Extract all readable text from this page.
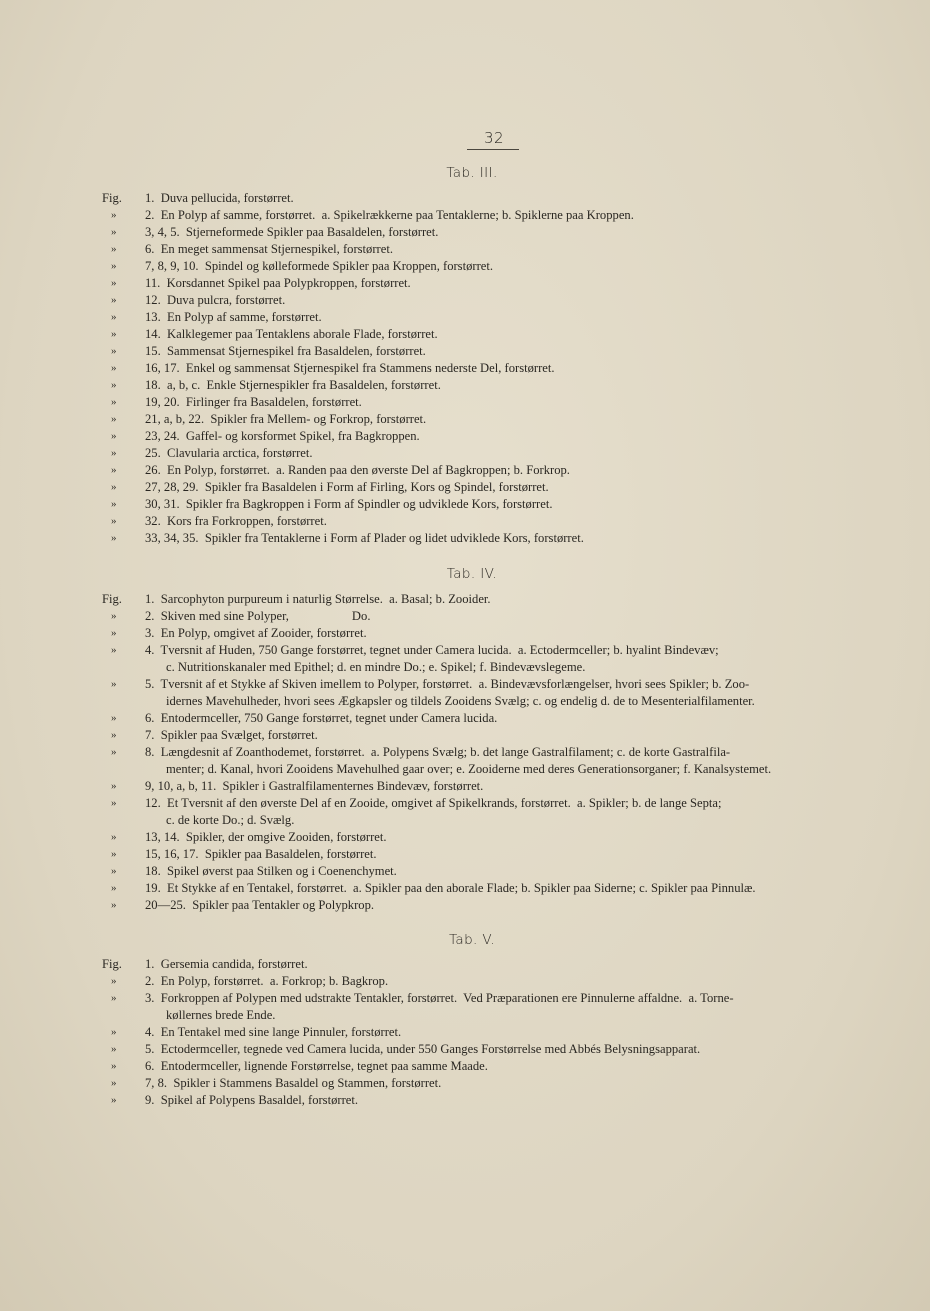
32
Tab. III.
Fig. 1.  Duva pellucida, forstørret.
» 2.  En Polyp af samme, forstørret.  a. Spikelrækkerne paa Tentaklerne; b. Spiklerne paa Kroppen.
» 3, 4, 5.  Stjerneformede Spikler paa Basaldelen, forstørret.
» 6.  En meget sammensat Stjernespikel, forstørret.
» 7, 8, 9, 10.  Spindel og kølleformede Spikler paa Kroppen, forstørret.
» 11.  Korsdannet Spikel paa Polypkroppen, forstørret.
» 12.  Duva pulcra, forstørret.
» 13.  En Polyp af samme, forstørret.
» 14.  Kalklegemer paa Tentaklens aborale Flade, forstørret.
» 15.  Sammensat Stjernespikel fra Basaldelen, forstørret.
» 16, 17.  Enkel og sammensat Stjernespikel fra Stammens nederste Del, forstørret.
» 18.  a, b, c.  Enkle Stjernespikler fra Basaldelen, forstørret.
» 19, 20.  Firlinger fra Basaldelen, forstørret.
» 21, a, b, 22.  Spikler fra Mellem- og Forkrop, forstørret.
» 23, 24.  Gaffel- og korsformet Spikel, fra Bagkroppen.
» 25.  Clavularia arctica, forstørret.
» 26.  En Polyp, forstørret.  a. Randen paa den øverste Del af Bagkroppen; b. Forkrop.
» 27, 28, 29.  Spikler fra Basaldelen i Form af Firling, Kors og Spindel, forstørret.
» 30, 31.  Spikler fra Bagkroppen i Form af Spindler og udviklede Kors, forstørret.
» 32.  Kors fra Forkroppen, forstørret.
» 33, 34, 35.  Spikler fra Tentaklerne i Form af Plader og lidet udviklede Kors, forstørret.
Tab. IV.
Fig. 1.  Sarcophyton purpureum i naturlig Størrelse.  a. Basal; b. Zooider.
» 2.  Skiven med sine Polyper,                    Do.
» 3.  En Polyp, omgivet af Zooider, forstørret.
» 4.  Tversnit af Huden, 750 Gange forstørret, tegnet under Camera lucida.  a. Ectodermceller; b. hyalint Bindevæv;
c. Nutritionskanaler med Epithel; d. en mindre Do.; e. Spikel; f. Bindevævslegeme.
» 5.  Tversnit af et Stykke af Skiven imellem to Polyper, forstørret.  a. Bindevævsforlængelser, hvori sees Spikler; b. Zoo-
idernes Mavehulheder, hvori sees Ægkapsler og tildels Zooidens Svælg; c. og endelig d. de to Mesenterialfilamenter.
» 6.  Entodermceller, 750 Gange forstørret, tegnet under Camera lucida.
» 7.  Spikler paa Svælget, forstørret.
» 8.  Længdesnit af Zoanthodemet, forstørret.  a. Polypens Svælg; b. det lange Gastralfilament; c. de korte Gastralfila-
menter; d. Kanal, hvori Zooidens Mavehulhed gaar over; e. Zooiderne med deres Generationsorganer; f. Kanalsystemet.
» 9, 10, a, b, 11.  Spikler i Gastralfilamenternes Bindevæv, forstørret.
» 12.  Et Tversnit af den øverste Del af en Zooide, omgivet af Spikelkrands, forstørret.  a. Spikler; b. de lange Septa;
c. de korte Do.; d. Svælg.
» 13, 14.  Spikler, der omgive Zooiden, forstørret.
» 15, 16, 17.  Spikler paa Basaldelen, forstørret.
» 18.  Spikel øverst paa Stilken og i Coenenchymet.
» 19.  Et Stykke af en Tentakel, forstørret.  a. Spikler paa den aborale Flade; b. Spikler paa Siderne; c. Spikler paa Pinnulæ.
» 20—25.  Spikler paa Tentakler og Polypkrop.
Tab. V.
Fig. 1.  Gersemia candida, forstørret.
» 2.  En Polyp, forstørret.  a. Forkrop; b. Bagkrop.
» 3.  Forkroppen af Polypen med udstrakte Tentakler, forstørret.  Ved Præparationen ere Pinnulerne affaldne.  a. Torne-
køllernes brede Ende.
» 4.  En Tentakel med sine lange Pinnuler, forstørret.
» 5.  Ectodermceller, tegnede ved Camera lucida, under 550 Ganges Forstørrelse med Abbés Belysningsapparat.
» 6.  Entodermceller, lignende Forstørrelse, tegnet paa samme Maade.
» 7, 8.  Spikler i Stammens Basaldel og Stammen, forstørret.
» 9.  Spikel af Polypens Basaldel, forstørret.
